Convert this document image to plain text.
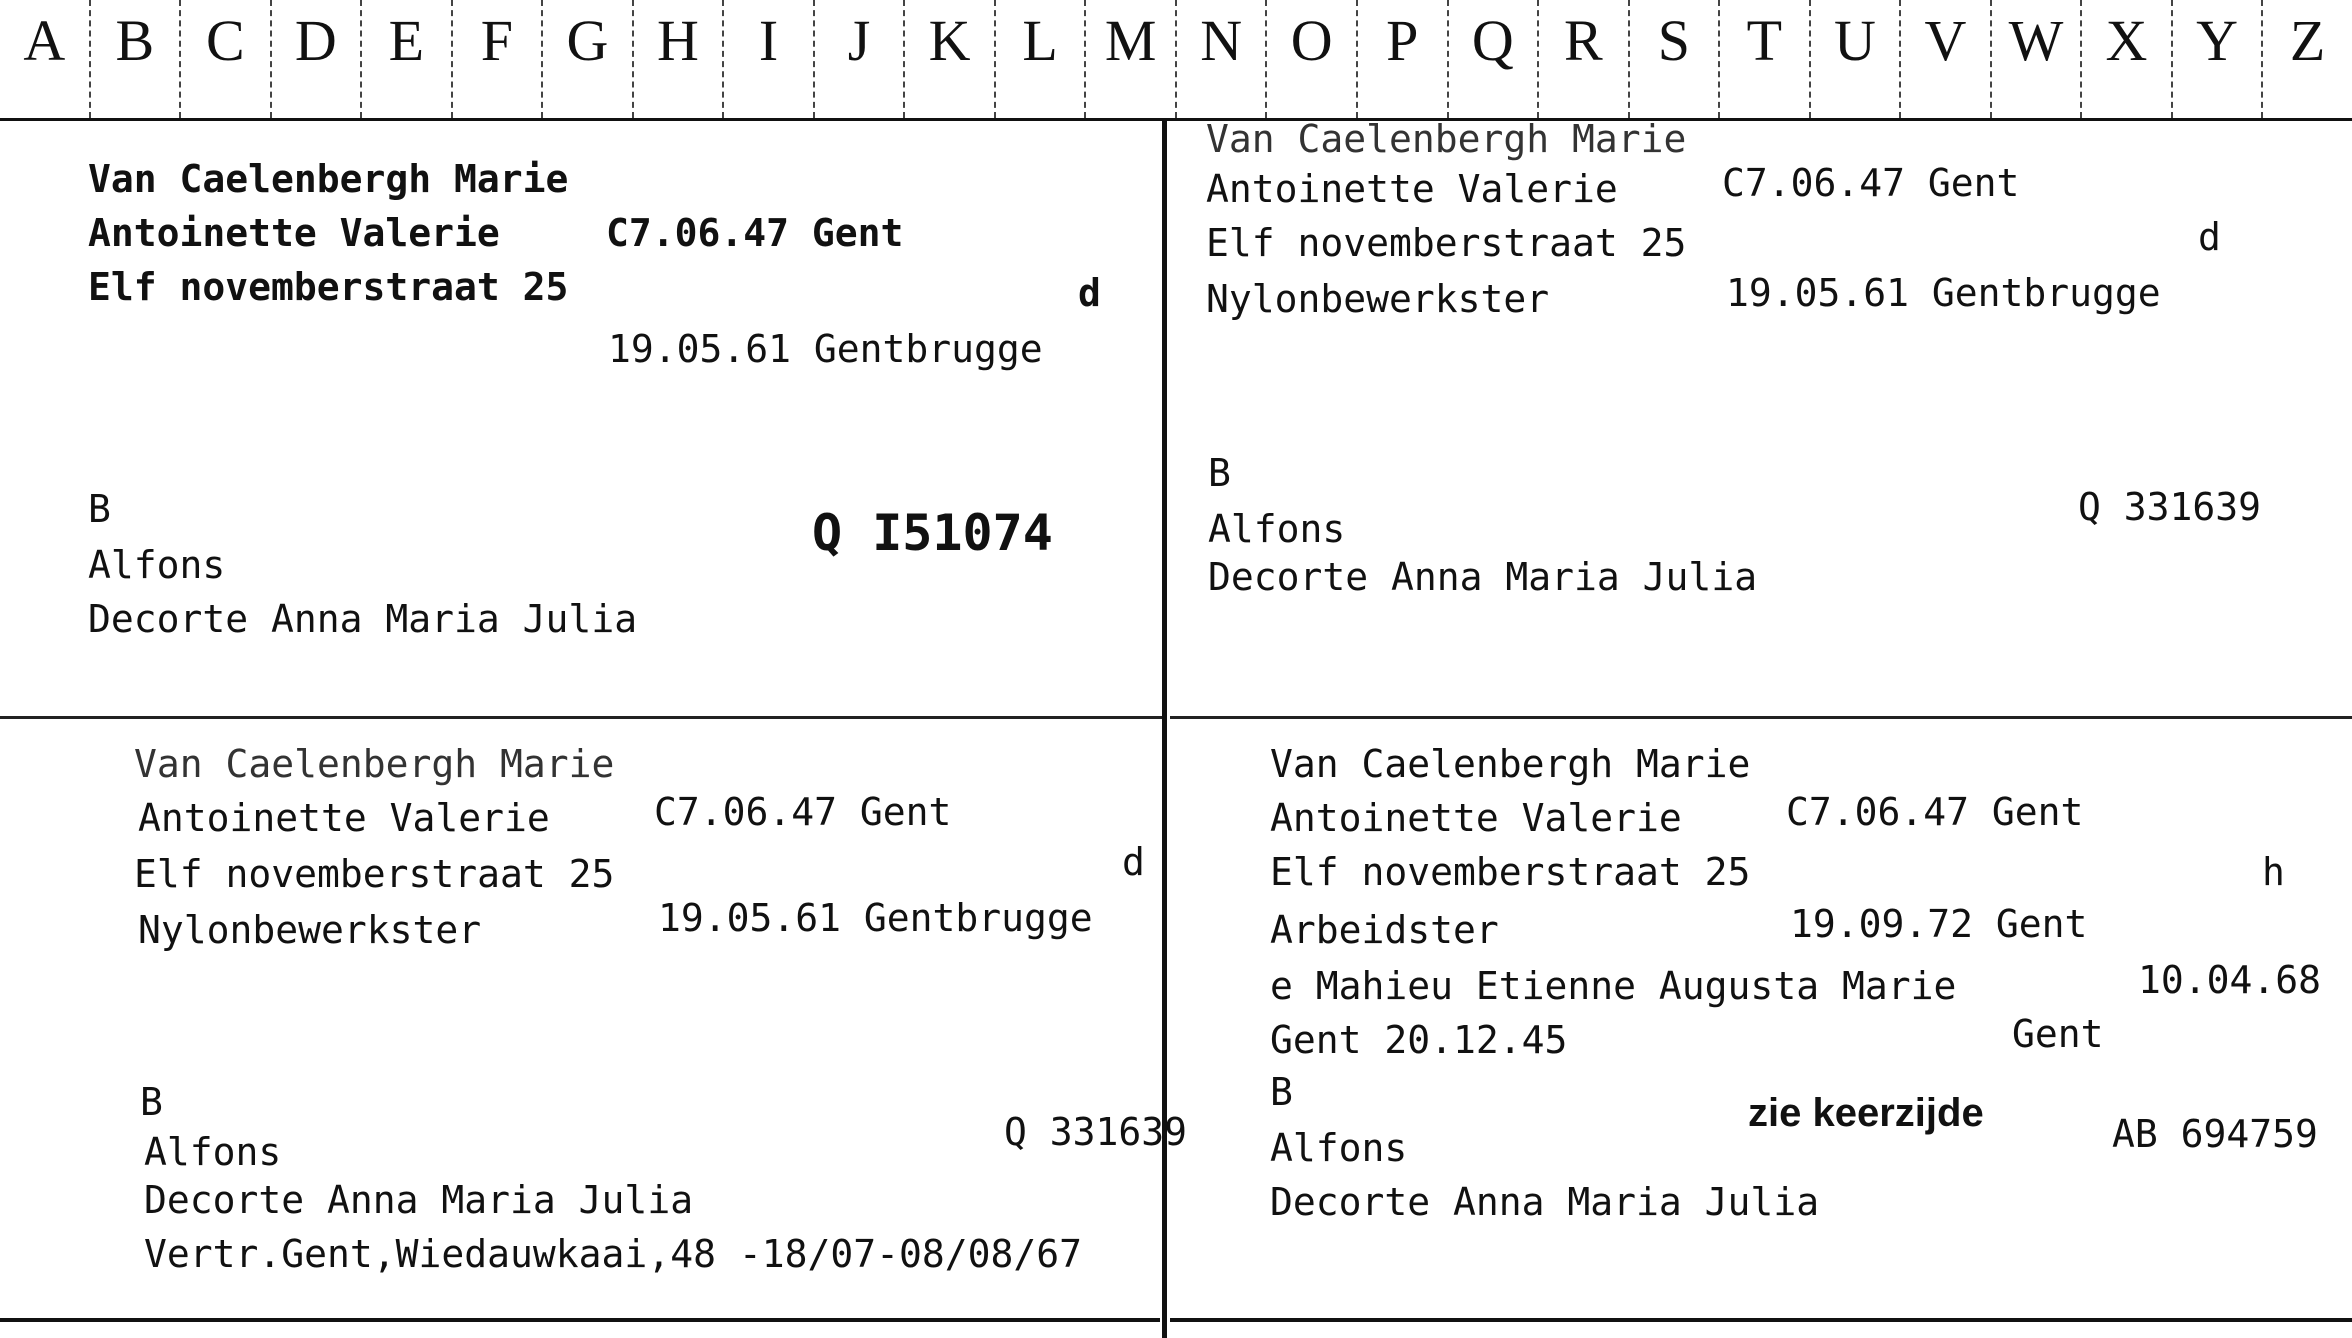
A B C D E F G H	I	J	K L M N O P Q R S T U V W X Y Z
Van Caelenbergh Marie
Antoinette Valerie	C7.06.47 Gent
Elf novemberstraat 25	d
19.05.61 Gentbrugge
B	Q I51074
Alfons
Decorte Anna Maria Julia
Van Caelenbergh Marie
Antoinette Valerie	C7.06.47 Gent
Elf novemberstraat 25	d
Nylonbewerkster	19.05.61 Gentbrugge
B
Q 331639
Alfons
Decorte Anna Maria Julia
Van Caelenbergh Marie
Antoinette Valerie	C7.06.47 Gent
Elf novemberstraat 25	d
Nylonbewerkster	19.05.61 Gentbrugge
B
Q 331639
Alfons
Decorte Anna Maria Julia
Vertr.Gent,Wiedauwkaai,48 -18/07-08/08/67
Van Caelenbergh Marie
Antoinette Valerie	C7.06.47 Gent
Elf novemberstraat 25	h
Arbeidster	19.09.72 Gent
e Mahieu Etienne Augusta Marie	10.04.68
Gent 20.12.45	Gent
B	zie keerzijde	AB 694759
Alfons
Decorte Anna Maria Julia
